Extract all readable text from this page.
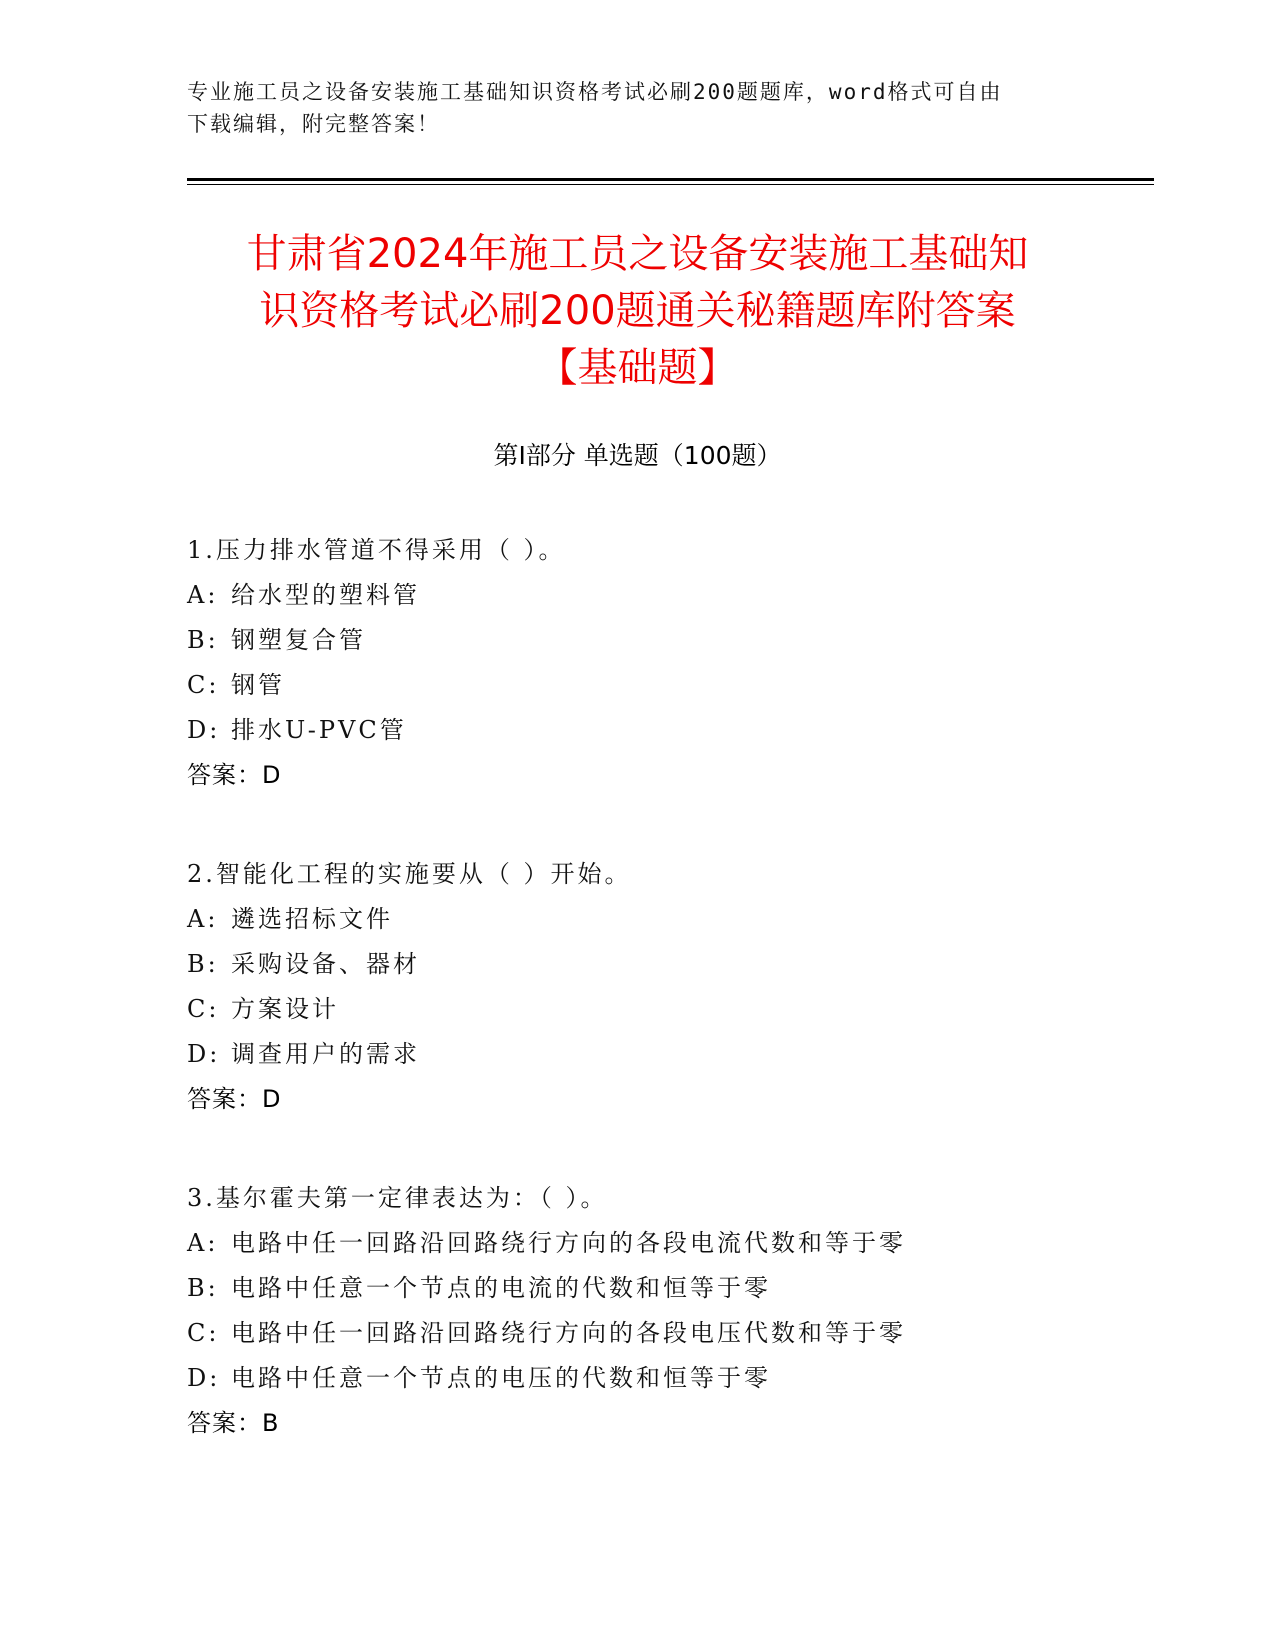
专业施工员之设备安装施工基础知识资格考试必刷200题题库，word格式可自由
下载编辑，附完整答案！
甘肃省2024年施工员之设备安装施工基础知
识资格考试必刷200题通关秘籍题库附答案
【基础题】
第Ⅰ部分 单选题（100题）
1.压力排水管道不得采用（ ）。
A: 给水型的塑料管
B: 钢塑复合管
C: 钢管
D: 排水U-PVC管
答案：D
2.智能化工程的实施要从（ ）开始。
A: 遴选招标文件
B: 采购设备、器材
C: 方案设计
D: 调查用户的需求
答案：D
3.基尔霍夫第一定律表达为：（ ）。
A: 电路中任一回路沿回路绕行方向的各段电流代数和等于零
B: 电路中任意一个节点的电流的代数和恒等于零
C: 电路中任一回路沿回路绕行方向的各段电压代数和等于零
D: 电路中任意一个节点的电压的代数和恒等于零
答案：B
